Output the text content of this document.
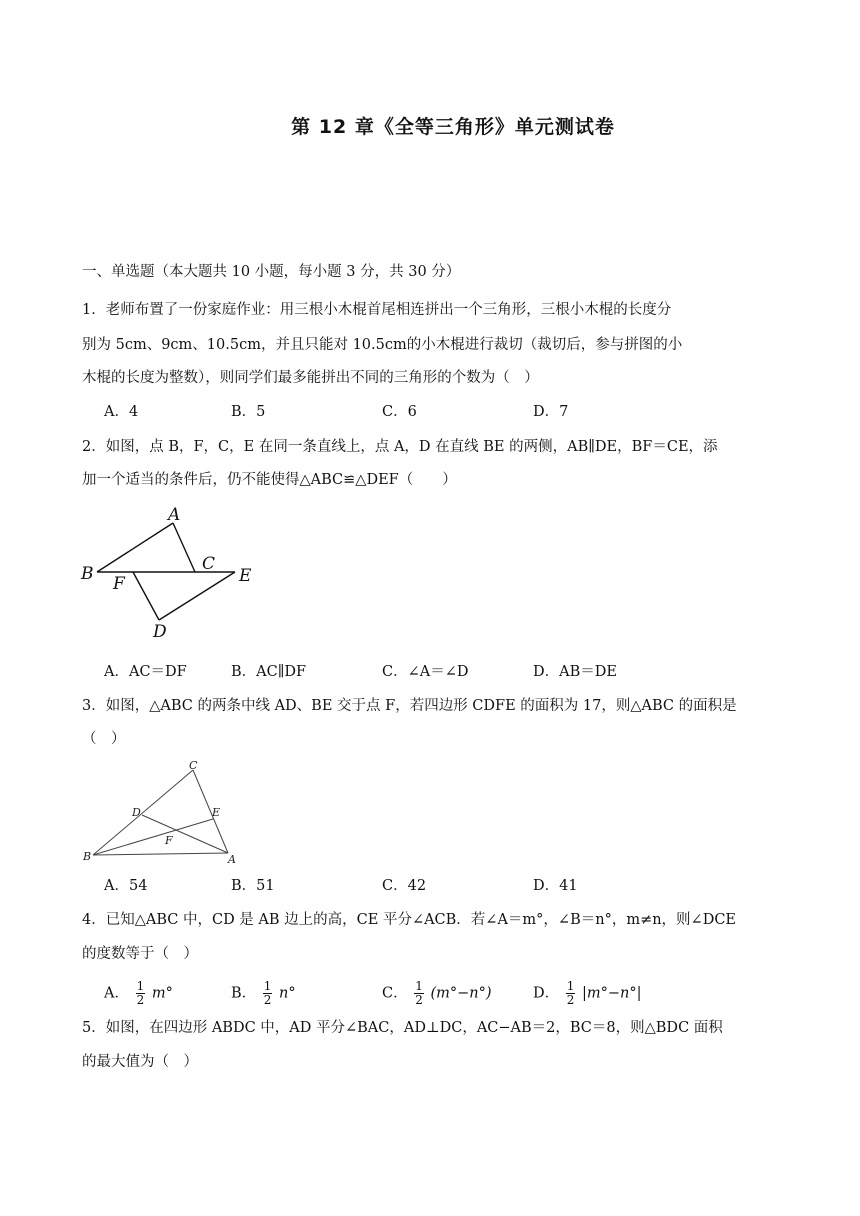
第 12 章《全等三角形》单元测试卷
一、单选题（本大题共 10 小题，每小题 3 分，共 30 分）
1．老师布置了一份家庭作业：用三根小木棍首尾相连拼出一个三角形，三根小木棍的长度分
别为 5cm、9cm、10.5cm，并且只能对 10.5cm的小木棍进行裁切（裁切后，参与拼图的小
木棍的长度为整数），则同学们最多能拼出不同的三角形的个数为（　）
A．4	B．5	C．6	D．7
2．如图，点 B，F，C，E 在同一条直线上，点 A，D 在直线 BE 的两侧，AB∥DE，BF＝CE，添
加一个适当的条件后，仍不能使得△ABC≌△DEF（　　）
A
B	C
E
F
D
A．AC＝DF	B．AC∥DF	C．∠A＝∠D	D．AB＝DE
3．如图，△ABC 的两条中线 AD、BE 交于点 F，若四边形 CDFE 的面积为 17，则△ABC 的面积是
（　）
C
D	E
F
B	A
A．54	B．51	C．42	D．41
4．已知△ABC 中，CD 是 AB 边上的高，CE 平分∠ACB．若∠A＝m°，∠B＝n°，m≠n，则∠DCE
的度数等于（　）
A． $\frac{1}{2} m^\circ$	B． $\frac{1}{2} n^\circ$	C． $\frac{1}{2} (m^\circ-n^\circ)$	D． $\frac{1}{2} |m^\circ-n^\circ|$
5．如图，在四边形 ABDC 中，AD 平分∠BAC，AD⊥DC，AC−AB＝2，BC＝8，则△BDC 面积
的最大值为（　）
